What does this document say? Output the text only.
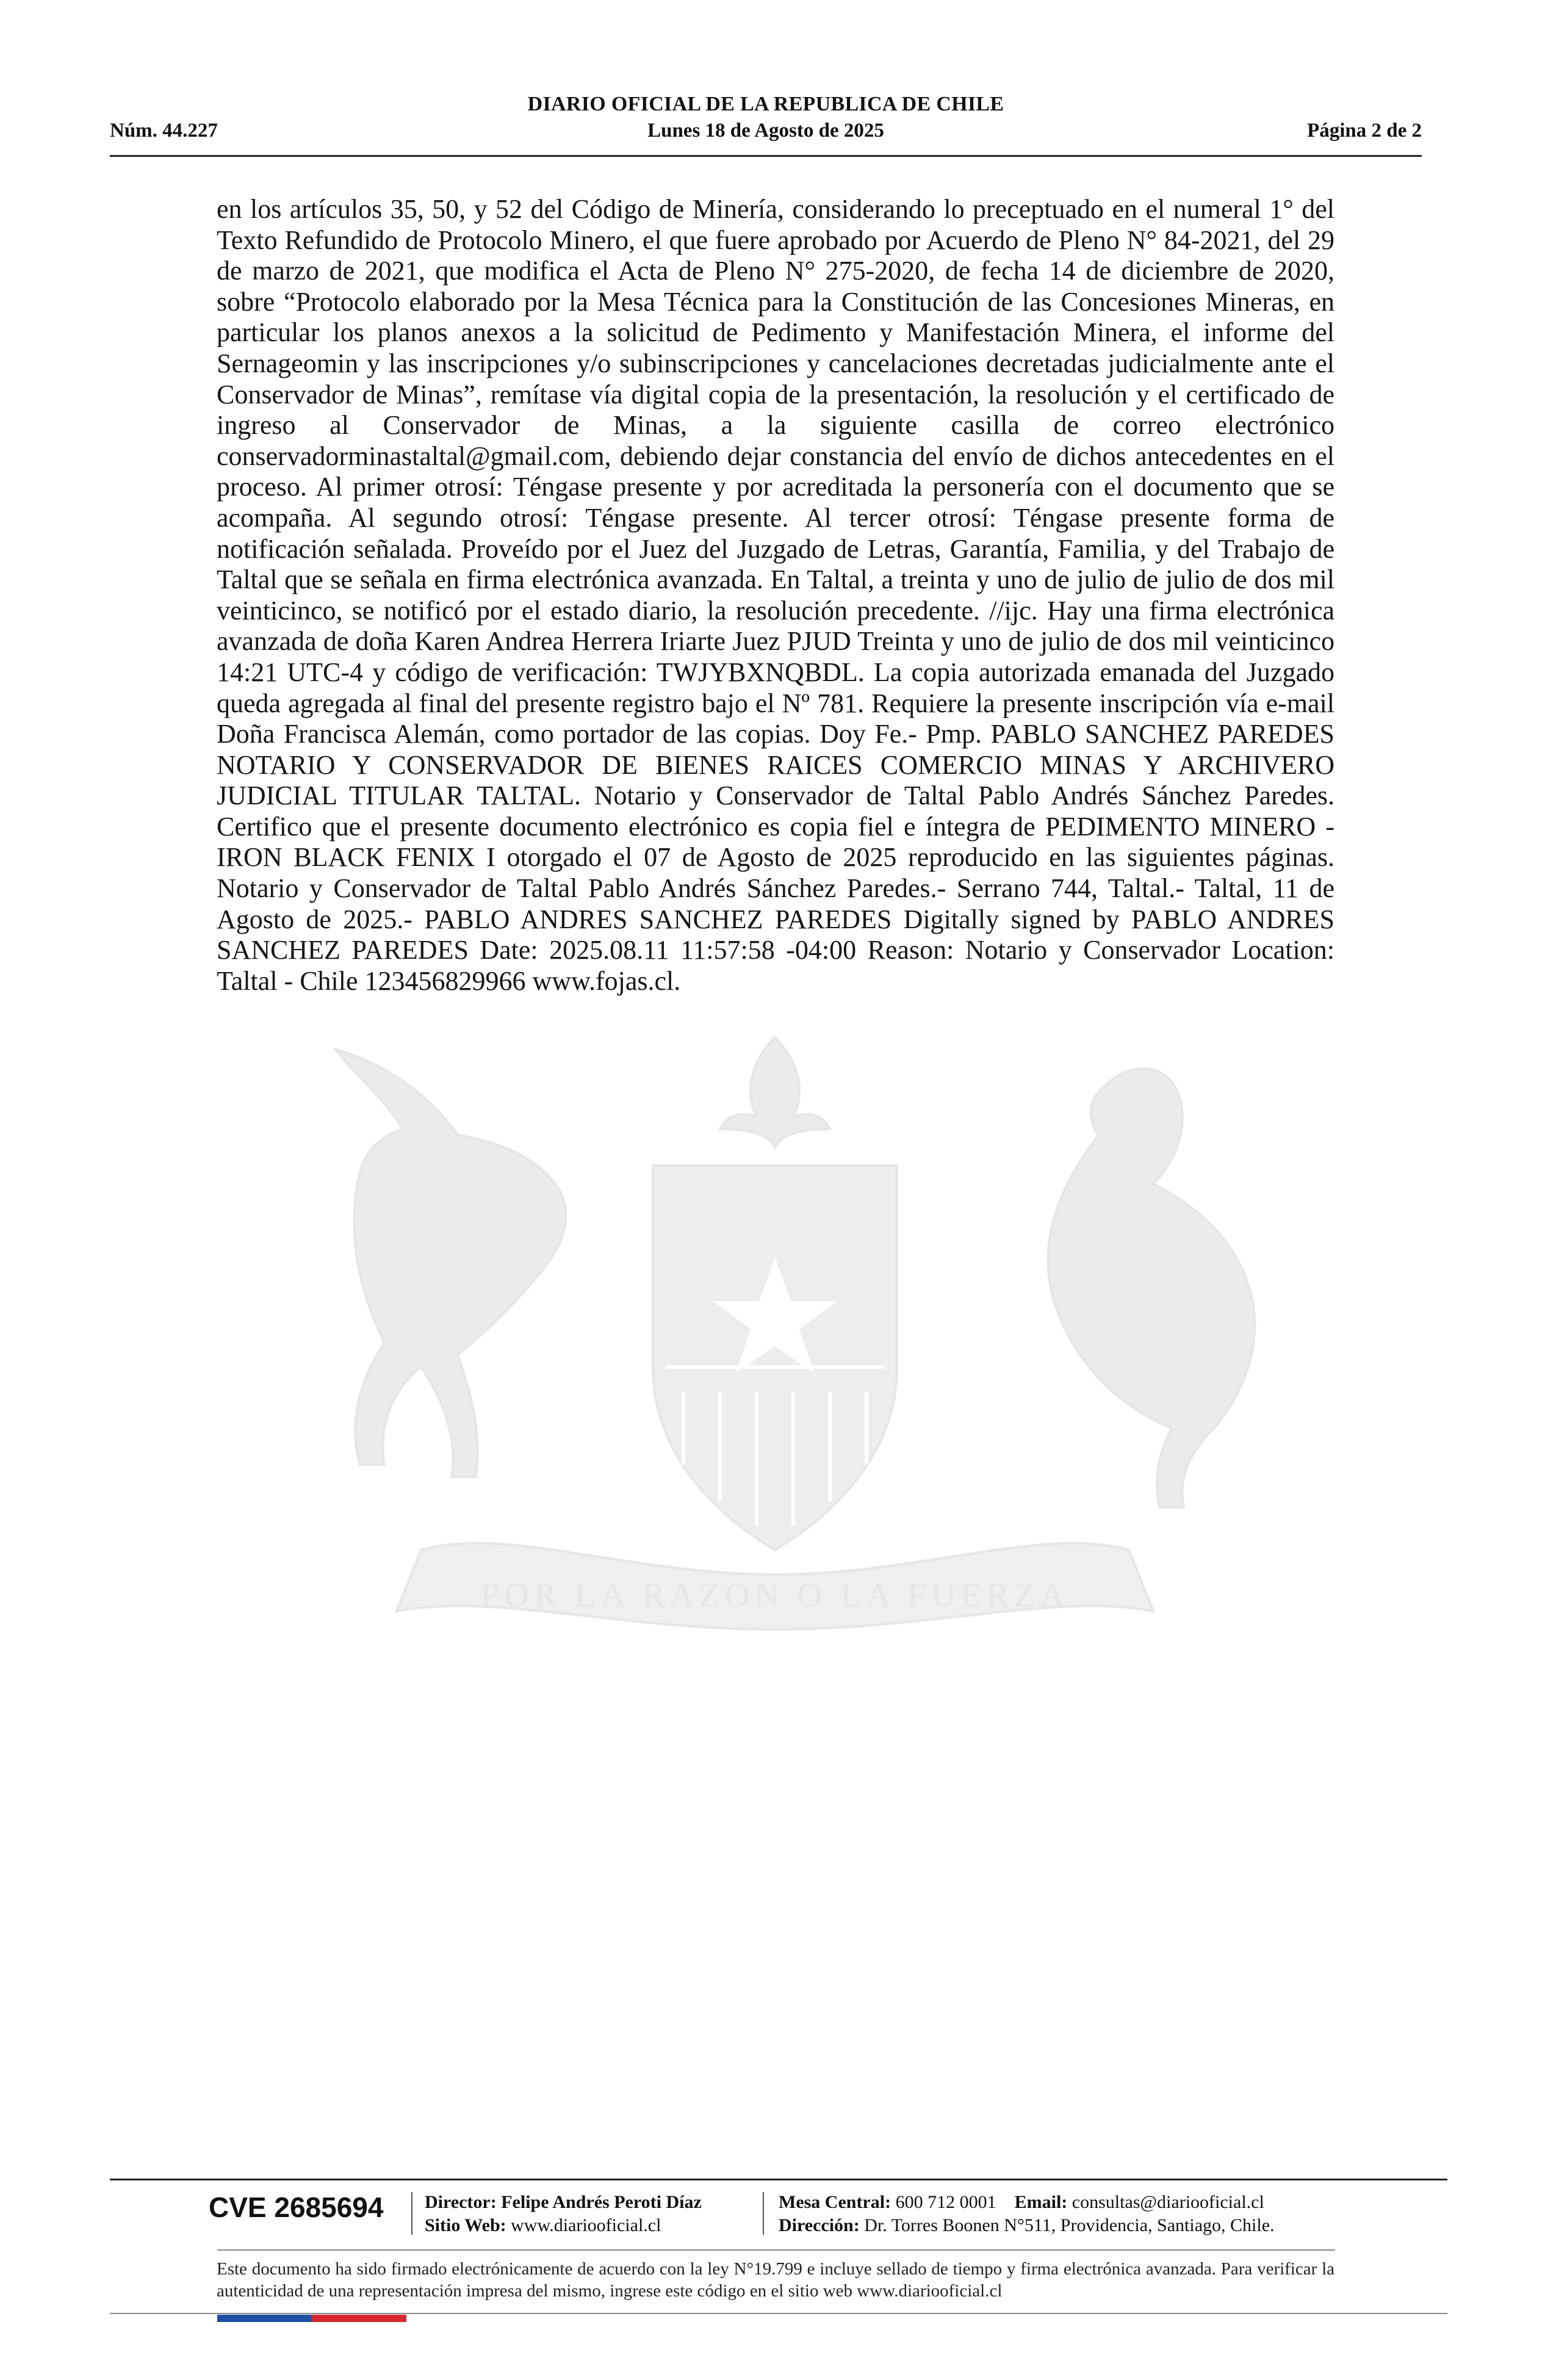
DIARIO OFICIAL DE LA REPUBLICA DE CHILE
Núm. 44.227	Lunes 18 de Agosto de 2025	Página 2 de 2
POR LA RAZON O LA FUERZA
en los artículos 35, 50, y 52 del Código de Minería, considerando lo preceptuado en el numeral 1° del Texto Refundido de Protocolo Minero, el que fuere aprobado por Acuerdo de Pleno N° 84-2021, del 29 de marzo de 2021, que modifica el Acta de Pleno N° 275-2020, de fecha 14 de diciembre de 2020, sobre “Protocolo elaborado por la Mesa Técnica para la Constitución de las Concesiones Mineras, en particular los planos anexos a la solicitud de Pedimento y Manifestación Minera, el informe del Sernageomin y las inscripciones y/o subinscripciones y cancelaciones decretadas judicialmente ante el Conservador de Minas”, remítase vía digital copia de la presentación, la resolución y el certificado de ingreso al Conservador de Minas, a la siguiente casilla de correo electrónico conservadorminastaltal@gmail.com, debiendo dejar constancia del envío de dichos antecedentes en el proceso. Al primer otrosí: Téngase presente y por acreditada la personería con el documento que se acompaña. Al segundo otrosí: Téngase presente. Al tercer otrosí: Téngase presente forma de notificación señalada. Proveído por el Juez del Juzgado de Letras, Garantía, Familia, y del Trabajo de Taltal que se señala en firma electrónica avanzada. En Taltal, a treinta y uno de julio de julio de dos mil veinticinco, se notificó por el estado diario, la resolución precedente. //ijc. Hay una firma electrónica avanzada de doña Karen Andrea Herrera Iriarte Juez PJUD Treinta y uno de julio de dos mil veinticinco 14:21 UTC-4 y código de verificación: TWJYBXNQBDL. La copia autorizada emanada del Juzgado queda agregada al final del presente registro bajo el Nº 781. Requiere la presente inscripción vía e-mail Doña Francisca Alemán, como portador de las copias. Doy Fe.- Pmp. PABLO SANCHEZ PAREDES NOTARIO Y CONSERVADOR DE BIENES RAICES COMERCIO MINAS Y ARCHIVERO JUDICIAL TITULAR TALTAL. Notario y Conservador de Taltal Pablo Andrés Sánchez Paredes. Certifico que el presente documento electrónico es copia fiel e íntegra de PEDIMENTO MINERO - IRON BLACK FENIX I otorgado el 07 de Agosto de 2025 reproducido en las siguientes páginas. Notario y Conservador de Taltal Pablo Andrés Sánchez Paredes.- Serrano 744, Taltal.- Taltal, 11 de Agosto de 2025.- PABLO ANDRES SANCHEZ PAREDES Digitally signed by PABLO ANDRES SANCHEZ PAREDES Date: 2025.08.11 11:57:58 -04:00 Reason: Notario y Conservador Location: Taltal - Chile 123456829966 www.fojas.cl.
CVE 2685694 Director: Felipe Andrés Peroti Díaz
Sitio Web: www.diariooficial.cl
Mesa Central: 600 712 0001 Email: consultas@diariooficial.cl
Dirección: Dr. Torres Boonen N°511, Providencia, Santiago, Chile.
Este documento ha sido firmado electrónicamente de acuerdo con la ley N°19.799 e incluye sellado de tiempo y firma electrónica avanzada. Para verificar la autenticidad de una representación impresa del mismo, ingrese este código en el sitio web www.diariooficial.cl
